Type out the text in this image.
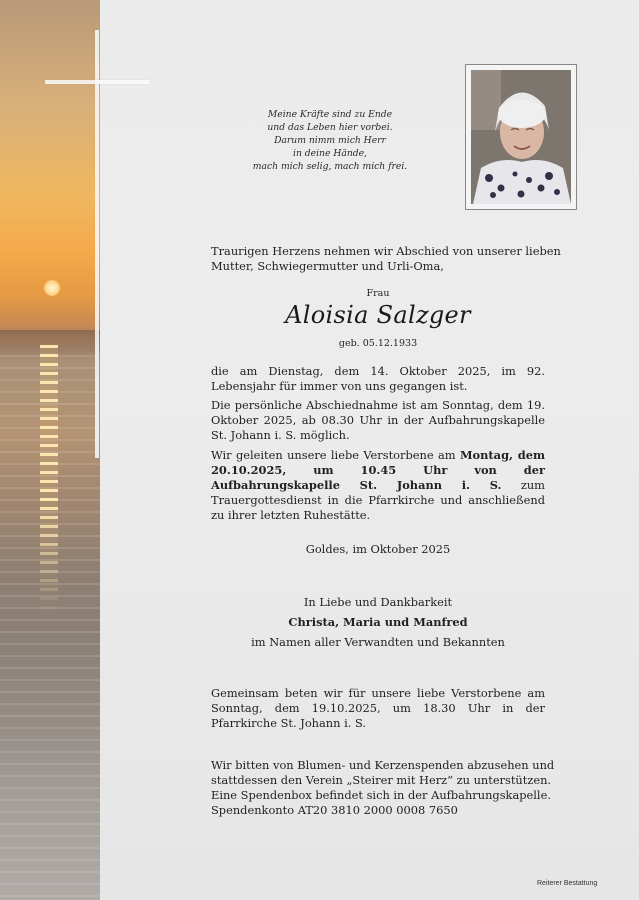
Meine Kräfte sind zu Ende
und das Leben hier vorbei.
Darum nimm mich Herr
in deine Hände,
mach mich selig, mach mich frei.
Traurigen Herzens nehmen wir Abschied von unserer lieben
Mutter, Schwiegermutter und Urli-Oma,
Frau
Aloisia Salzger
geb. 05.12.1933
die am Dienstag, dem 14. Oktober 2025, im 92. Lebensjahr für immer von uns gegangen ist.
Die persönliche Abschiednahme ist am Sonntag, dem 19. Oktober 2025, ab 08.30 Uhr in der Aufbahrungskapelle St. Johann i. S. möglich.
Wir geleiten unsere liebe Verstorbene am Montag, dem 20.10.2025, um 10.45 Uhr von der Aufbahrungskapelle St. Johann i. S. zum Trauergottesdienst in die Pfarrkirche und anschließend zu ihrer letzten Ruhestätte.
Goldes, im Oktober 2025
In Liebe und Dankbarkeit
Christa, Maria und Manfred
im Namen aller Verwandten und Bekannten
Gemeinsam beten wir für unsere liebe Verstorbene am Sonntag, dem 19.10.2025, um 18.30 Uhr in der Pfarrkirche St. Johann i. S.
Wir bitten von Blumen- und Kerzenspenden abzusehen und
stattdessen den Verein „Steirer mit Herz“ zu unterstützen.
Eine Spendenbox befindet sich in der Aufbahrungskapelle.
Spendenkonto AT20 3810 2000 0008 7650
Reiterer Bestattung
